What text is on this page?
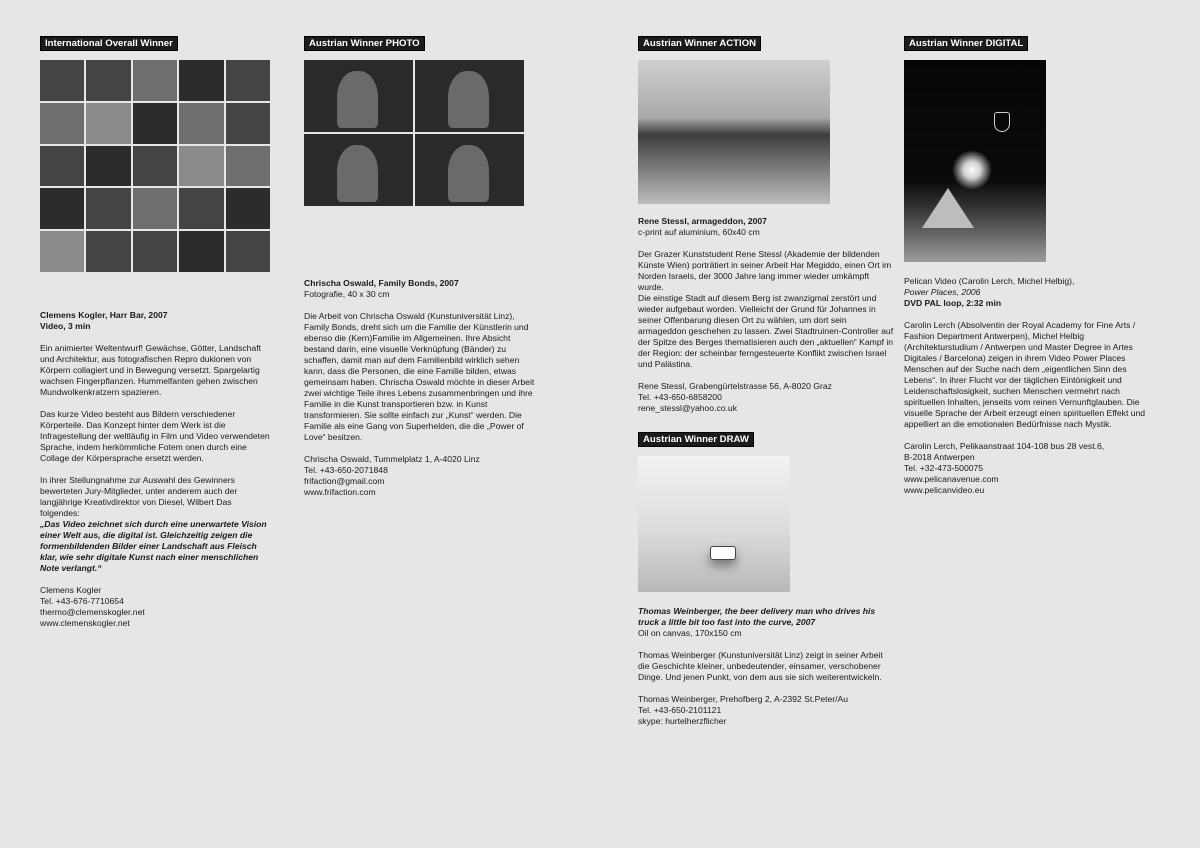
International Overall Winner

Clemens Kogler, Harr Bar, 2007

Video, 3 min

Ein animierter Weltentwurf! Gewächse, Götter, Landschaft und Architektur, aus fotografischen Repro dukionen von Körpern collagiert und in Bewegung versetzt. Spargelartig wachsen Fingerpflanzen. Hummelfanten gehen zwischen Mundwolkenkratzern spazieren.

Das kurze Video besteht aus Bildern verschiedener Körperteile. Das Konzept hinter dem Werk ist die Infragestellung der weltläufig in Film und Video verwendeten Sprache, indem herkömmliche Fotem onen durch eine Collage der Körpersprache ersetzt werden.

In ihrer Stellungnahme zur Auswahl des Gewinners bewerteten Jury-Mitglieder, unter anderem auch der langjährige Kreativdirektor von Diesel, Wilbert Das folgendes:

„Das Video zeichnet sich durch eine unerwartete Vision einer Welt aus, die digital ist. Gleichzeitig zeigen die formenbildenden Bilder einer Landschaft aus Fleisch klar, wie sehr digitale Kunst nach einer menschlichen Note verlangt.“

Clemens Kogler

Tel. +43-676-7710654

thermo@clemenskogler.net

www.clemenskogler.net

Austrian Winner PHOTO

Chrischa Oswald, Family Bonds, 2007

Fotografie, 40 x 30 cm

Die Arbeit von Chrischa Oswald (Kunstuniversität Linz), Family Bonds, dreht sich um die Familie der Künstlerin und ebenso die (Kern)Familie im Allgemeinen. Ihre Absicht bestand darin, eine visuelle Verknüpfung (Bänder) zu schaffen, damit man auf dem Familienbild wirklich sehen kann, dass die Personen, die eine Familie bilden, etwas gemeinsam haben. Chrischa Oswald möchte in dieser Arbeit zwei wichtige Teile ihres Lebens zusammenbringen und ihre Familie in die Kunst transportieren bzw. in Kunst transformieren. Sie sollte einfach zur „Kunst“ werden. Die Familie als eine Gang von Superhelden, die die „Power of Love“ besitzen.

Chrischa Oswald, Tummelplatz 1, A-4020 Linz

Tel. +43-650-2071848

frifaction@gmail.com

www.frifaction.com

Austrian Winner ACTION

Rene Stessl, armageddon, 2007

c-print auf aluminium, 60x40 cm

Der Grazer Kunststudent Rene Stessl (Akademie der bildenden Künste Wien) porträtiert in seiner Arbeit Har Megiddo, einen Ort im Norden Israels, der 3000 Jahre lang immer wieder umkämpft wurde.

Die einstige Stadt auf diesem Berg ist zwanzigmal zerstört und wieder aufgebaut worden. Vielleicht der Grund für Johannes in seiner Offenbarung diesen Ort zu wählen, um dort sein armageddon geschehen zu lassen. Zwei Stadtruinen-Controller auf der Spitze des Berges thematisieren auch den „aktuellen“ Kampf in der Region: der scheinbar ferngesteuerte Konflikt zwischen Israel und Palästina.

Rene Stessl, Grabengürtelstrasse 56, A-8020 Graz

Tel. +43-650-6858200

rene_stessl@yahoo.co.uk

Austrian Winner DRAW

Thomas Weinberger, the beer delivery man who drives his truck a little bit too fast into the curve, 2007

Oil on canvas, 170x150 cm

Thomas Weinberger (Kunstuniversität Linz) zeigt in seiner Arbeit die Geschichte kleiner, unbedeutender, einsamer, verschobener Dinge. Und jenen Punkt, von dem aus sie sich weiterentwickeln.

Thomas Weinberger, Prehofberg 2, A-2392 St.Peter/Au

Tel. +43-650-2101121

skype: hurtelherzflicher

Austrian Winner DIGITAL

Pelican Video (Carolin Lerch, Michel Helbig),

Power Places, 2006

DVD PAL loop, 2:32 min

Carolin Lerch (Absolventin der Royal Academy for Fine Arts / Fashion Department Antwerpen), Michel Helbig (Architekturstudium / Antwerpen und Master Degree in Artes Digitales / Barcelona) zeigen in ihrem Video Power Places Menschen auf der Suche nach dem „eigentlichen Sinn des Lebens“. In ihrer Flucht vor der täglichen Eintönigkeit und Leidenschaftslosigkeit, suchen Menschen vermehrt nach spirituellen Inhalten, jenseits vom reinen Vernunftglauben. Die visuelle Sprache der Arbeit erzeugt einen spirituellen Effekt und appelliert an die emotionalen Bedürfnisse nach Mystik.

Carolin Lerch, Pelikaanstraat 104-108 bus 28 vest.6,

B-2018 Antwerpen

Tel. +32-473-500075

www.pelicanavenue.com

www.pelicanvideo.eu
